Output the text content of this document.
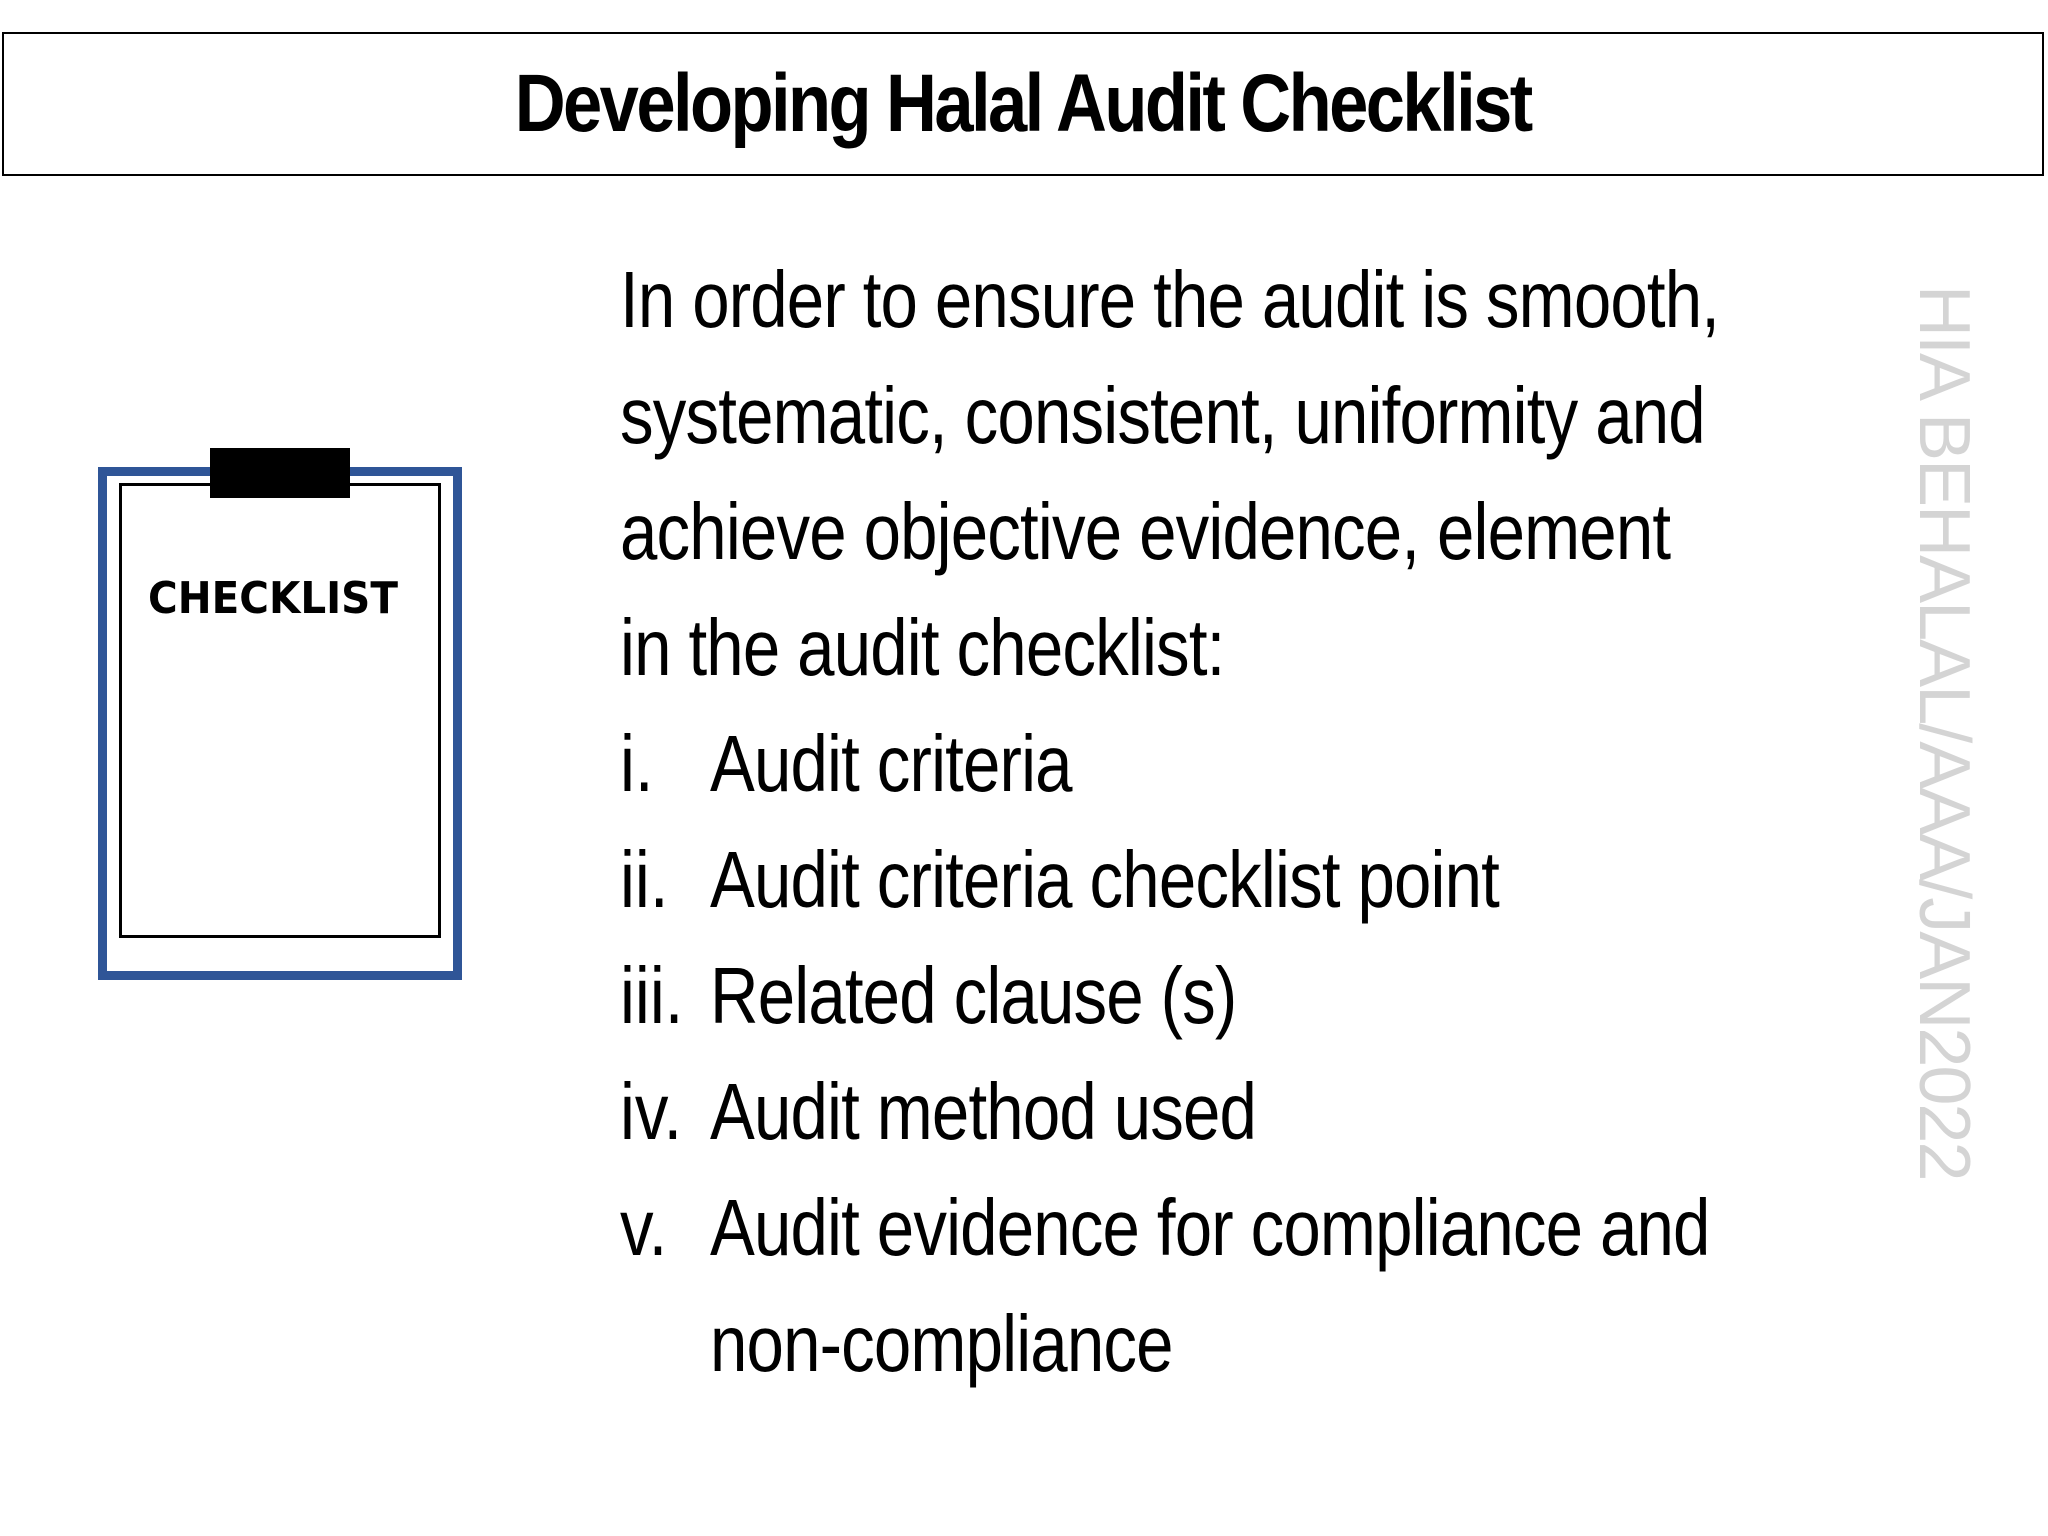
Developing Halal Audit Checklist
CHECKLIST
In order to ensure the audit is smooth,
systematic, consistent, uniformity and
achieve objective evidence, element
in the audit checklist:
i. Audit criteria
ii. Audit criteria checklist point
iii. Related clause (s)
iv. Audit method used
v. Audit evidence for compliance and
non-compliance
HIA BEHALAL/AAA/JAN2022
